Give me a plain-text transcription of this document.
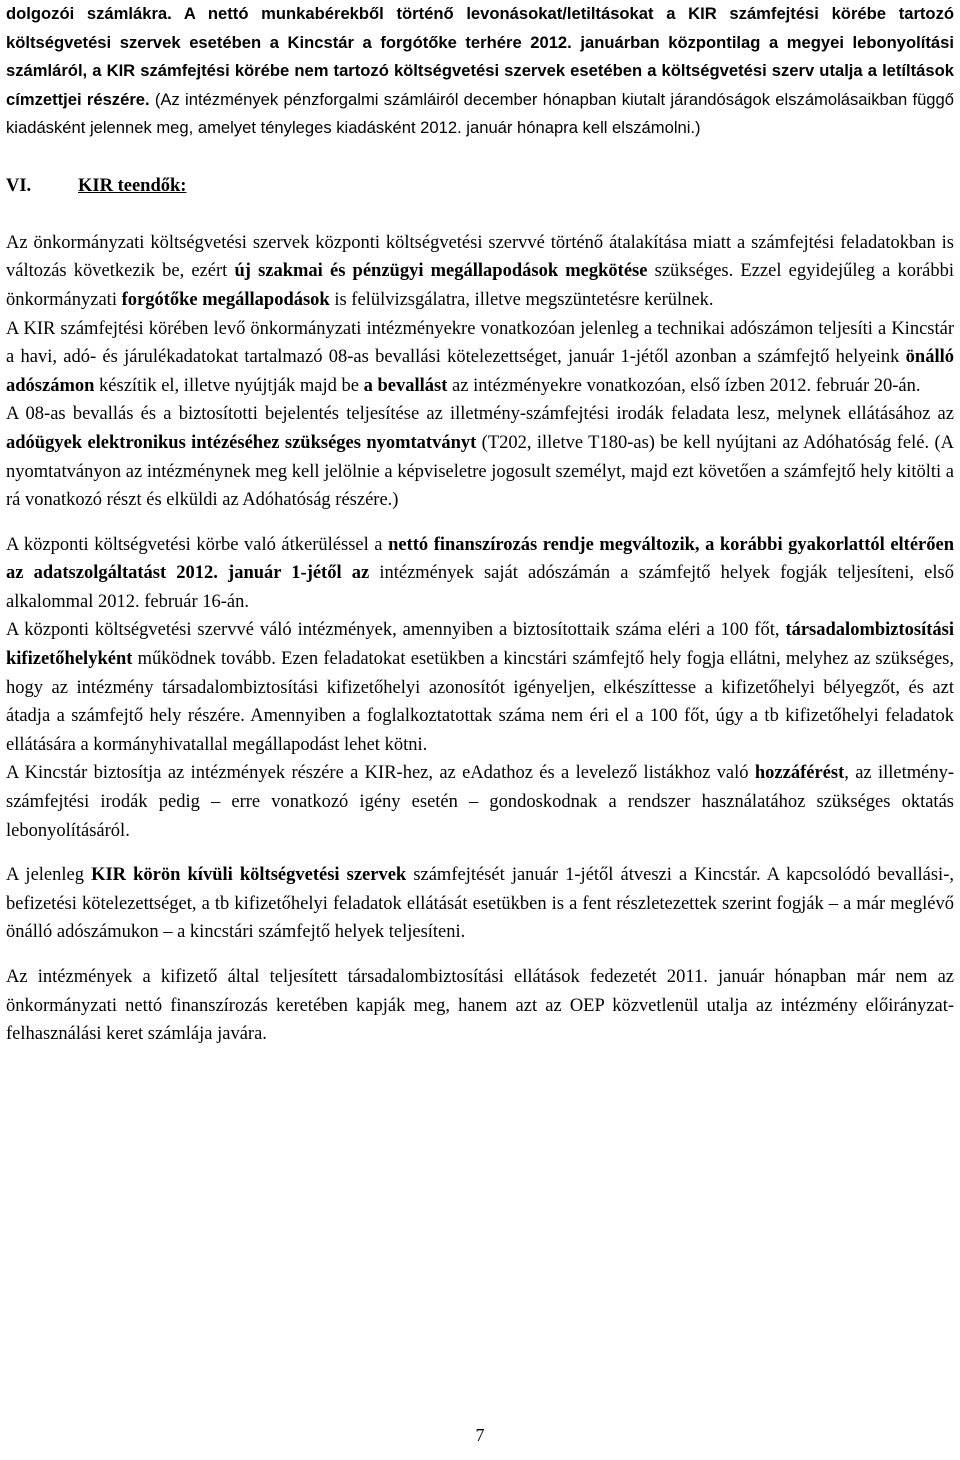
dolgozói számlákra. A nettó munkabérekből történő levonásokat/letiltásokat a KIR számfejtési körébe tartozó költségvetési szervek esetében a Kincstár a forgótőke terhére 2012. januárban központilag a megyei lebonyolítási számláról, a KIR számfejtési körébe nem tartozó költségvetési szervek esetében a költségvetési szerv utalja a letíltások címzettjei részére. (Az intézmények pénzforgalmi számláiról december hónapban kiutalt járandóságok elszámolásaikban függő kiadásként jelennek meg, amelyet tényleges kiadásként 2012. január hónapra kell elszámolni.)

VI.	KIR teendők:

Az önkormányzati költségvetési szervek központi költségvetési szervvé történő átalakítása miatt a számfejtési feladatokban is változás következik be, ezért új szakmai és pénzügyi megállapodások megkötése szükséges. Ezzel egyidejűleg a korábbi önkormányzati forgótőke megállapodások is felülvizsgálatra, illetve megszüntetésre kerülnek.

A KIR számfejtési körében levő önkormányzati intézményekre vonatkozóan jelenleg a technikai adószámon teljesíti a Kincstár a havi, adó- és járulékadatokat tartalmazó 08-as bevallási kötelezettséget, január 1-jétől azonban a számfejtő helyeink önálló adószámon készítik el, illetve nyújtják majd be a bevallást az intézményekre vonatkozóan, első ízben 2012. február 20-án.

A 08-as bevallás és a biztosítotti bejelentés teljesítése az illetmény-számfejtési irodák feladata lesz, melynek ellátásához az adóügyek elektronikus intézéséhez szükséges nyomtatványt (T202, illetve T180-as) be kell nyújtani az Adóhatóság felé. (A nyomtatványon az intézménynek meg kell jelölnie a képviseletre jogosult személyt, majd ezt követően a számfejtő hely kitölti a rá vonatkozó részt és elküldi az Adóhatóság részére.)

A központi költségvetési körbe való átkerüléssel a nettó finanszírozás rendje megváltozik, a korábbi gyakorlattól eltérően az adatszolgáltatást 2012. január 1-jétől az intézmények saját adószámán a számfejtő helyek fogják teljesíteni, első alkalommal 2012. február 16-án.

A központi költségvetési szervvé váló intézmények, amennyiben a biztosítottaik száma eléri a 100 főt, társadalombiztosítási kifizetőhelyként működnek tovább. Ezen feladatokat esetükben a kincstári számfejtő hely fogja ellátni, melyhez az szükséges, hogy az intézmény társadalombiztosítási kifizetőhelyi azonosítót igényeljen, elkészíttesse a kifizetőhelyi bélyegzőt, és azt átadja a számfejtő hely részére. Amennyiben a foglalkoztatottak száma nem éri el a 100 főt, úgy a tb kifizetőhelyi feladatok ellátására a kormányhivatallal megállapodást lehet kötni.

A Kincstár biztosítja az intézmények részére a KIR-hez, az eAdathoz és a levelező listákhoz való hozzáférést, az illetmény-számfejtési irodák pedig – erre vonatkozó igény esetén – gondoskodnak a rendszer használatához szükséges oktatás lebonyolításáról.

A jelenleg KIR körön kívüli költségvetési szervek számfejtését január 1-jétől átveszi a Kincstár. A kapcsolódó bevallási-, befizetési kötelezettséget, a tb kifizetőhelyi feladatok ellátását esetükben is a fent részletezettek szerint fogják – a már meglévő önálló adószámukon – a kincstári számfejtő helyek teljesíteni.

Az intézmények a kifizető által teljesített társadalombiztosítási ellátások fedezetét 2011. január hónapban már nem az önkormányzati nettó finanszírozás keretében kapják meg, hanem azt az OEP közvetlenül utalja az intézmény előirányzat-felhasználási keret számlája javára.

7
